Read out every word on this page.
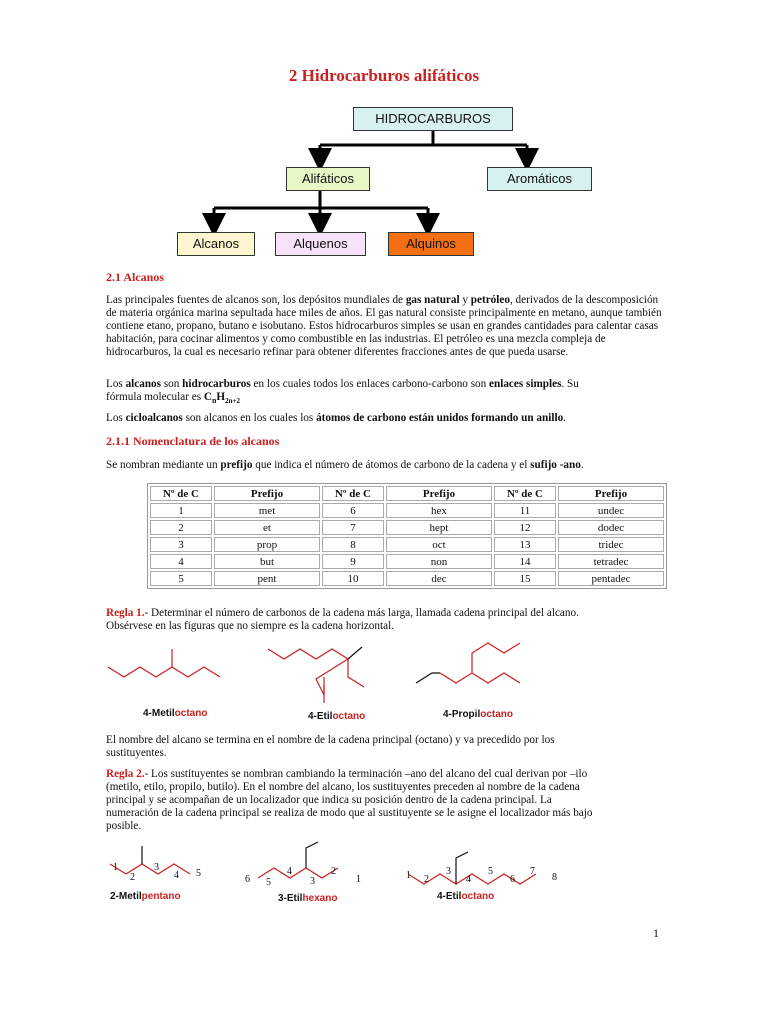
2 Hidrocarburos alifáticos
HIDROCARBUROS
Alifáticos	Aromáticos
Alcanos	Alquenos	Alquinos
2.1 Alcanos
Las principales fuentes de alcanos son, los depósitos mundiales de gas natural y petróleo, derivados de la descomposición de materia orgánica marina sepultada hace miles de años. El gas natural consiste principalmente en metano, aunque también contiene etano, propano, butano e isobutano. Estos hidrocarburos simples se usan en grandes cantidades para calentar casas habitación, para cocinar alimentos y como combustible en las industrias. El petróleo es una mezcla compleja de hidrocarburos, la cual es necesario refinar para obtener diferentes fracciones antes de que pueda usarse.
Los alcanos son hidrocarburos en los cuales todos los enlaces carbono-carbono son enlaces simples. Su
fórmula molecular es $C_nH_{2n+2}$
Los cicloalcanos son alcanos en los cuales los átomos de carbono están unidos formando un anillo.
2.1.1 Nomenclatura de los alcanos
Se nombran mediante un prefijo que indica el número de átomos de carbono de la cadena y el sufijo -ano.
Nº de C	Prefijo	Nº de C	Prefijo	Nº de C	Prefijo
1	met	6	hex	11	undec
2	et	7	hept	12	dodec
3	prop	8	oct	13	tridec
4	but	9	non	14	tetradec
5	pent	10	dec	15	pentadec
Regla 1.- Determinar el número de carbonos de la cadena más larga, llamada cadena principal del alcano.
Obsérvese en las figuras que no siempre es la cadena horizontal.
4-Metiloctano	4-Etiloctano	4-Propiloctano
El nombre del alcano se termina en el nombre de la cadena principal (octano) y va precedido por los
sustituyentes.
Regla 2.- Los sustituyentes se nombran cambiando la terminación –ano del alcano del cual derivan por –ilo
(metilo, etilo, propilo, butilo). En el nombre del alcano, los sustituyentes preceden al nombre de la cadena
principal y se acompañan de un localizador que indica su posición dentro de la cadena principal. La
numeración de la cadena principal se realiza de modo que al sustituyente se le asigne el localizador más bajo
posible.
1
2
3
4 5
6 5
4
3
2
1	1 2
3
4
5
6
7
8
2-Metilpentano	3-Etilhexano	4-Etiloctano
1
